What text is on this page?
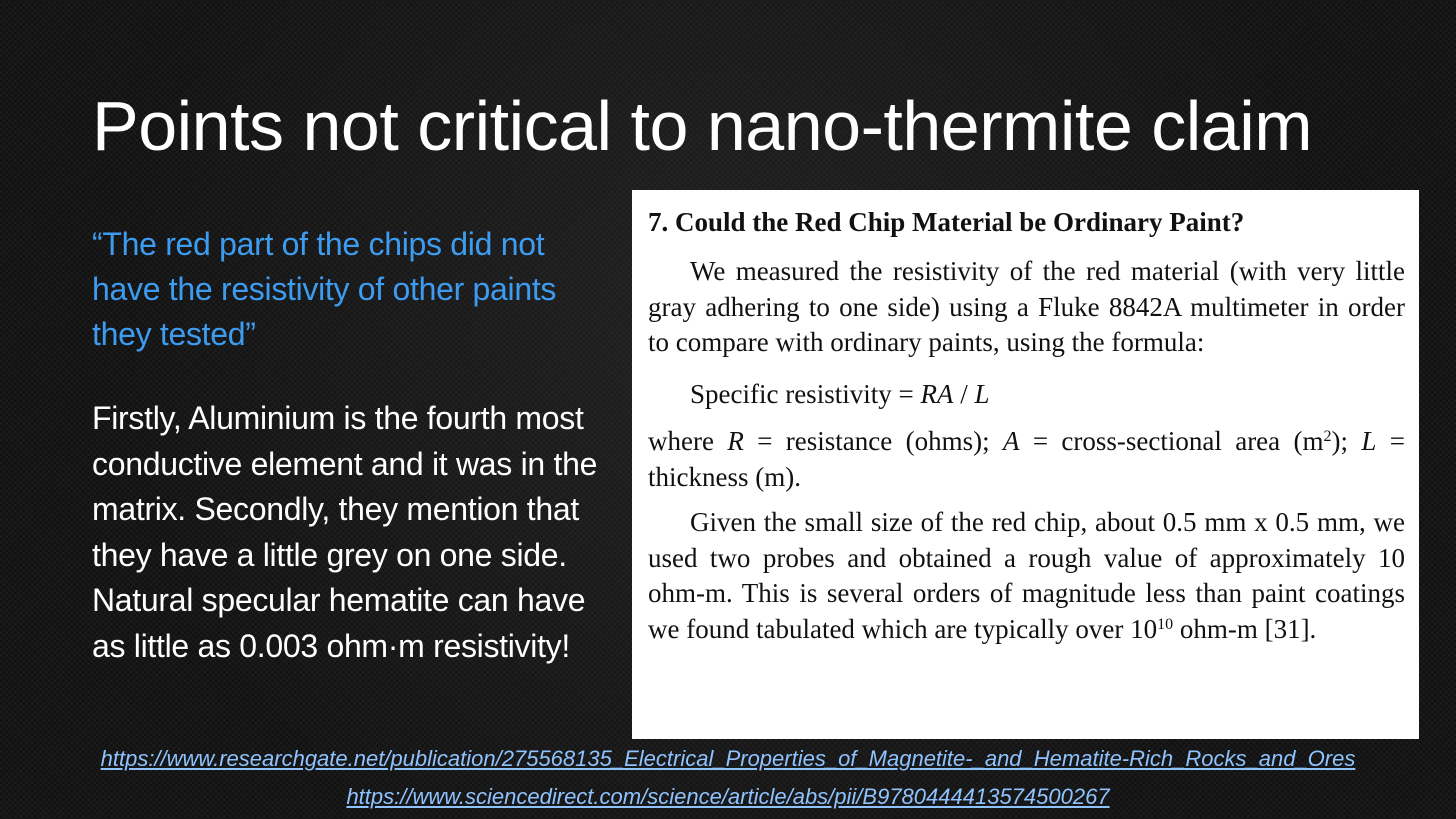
Points not critical to nano-thermite claim

“The red part of the chips did not have the resistivity of other paints they tested”

Firstly, Aluminium is the fourth most conductive element and it was in the matrix. Secondly, they mention that they have a little grey on one side. Natural specular hematite can have as little as 0.003 ohm·m resistivity!

7. Could the Red Chip Material be Ordinary Paint?

We measured the resistivity of the red material (with very little gray adhering to one side) using a Fluke 8842A multimeter in order to compare with ordinary paints, using the formula:

Specific resistivity = RA / L

where R = resistance (ohms); A = cross-sectional area $(m^2)$; L = thickness (m).

Given the small size of the red chip, about 0.5 mm x 0.5 mm, we used two probes and obtained a rough value of approximately 10 ohm-m. This is several orders of magnitude less than paint coatings we found tabulated which are typically over $10^{10}$ ohm-m [31].

https://www.researchgate.net/publication/275568135_Electrical_Properties_of_Magnetite-_and_Hematite-Rich_Rocks_and_Ores
https://www.sciencedirect.com/science/article/abs/pii/B9780444413574500267
